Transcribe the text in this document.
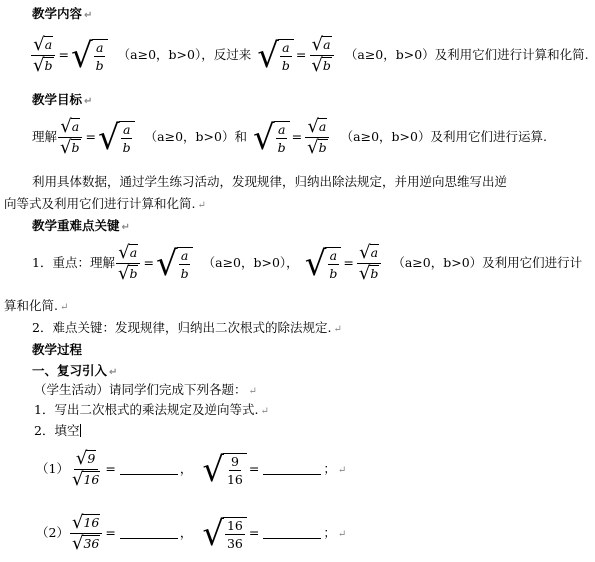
教学内容 ↵
$\frac{√ a}{√ b}$ = √ $\frac{a}{b} (a\ge 0$，b>0），反过来 √ $\frac{a}{b} = \frac{√ a}{√ b} (a\ge 0$，b>0）及利用它们进行计算和化简.
教学目标 ↵
理解 $\frac{√ a}{√ b}$ = √ $\frac{a}{b} (a\ge 0$，b>0）和 √ $\frac{a}{b} = \frac{√ a}{√ b} (a\ge 0$，b>0）及利用它们进行运算.
利用具体数据，通过学生练习活动，发现规律，归纳出除法规定，并用逆向思维写出逆
向等式及利用它们进行计算和化简. ↵
教学重难点关键 ↵
1．重点：理解 $\frac{√ a}{√ b}$ = √ $\frac{a}{b} (a\ge 0$，b>0）， √ $\frac{a}{b} = \frac{√ a}{√ b} (a\ge 0$，b>0）及利用它们进行计
算和化简. ↵
2．难点关键：发现规律，归纳出二次根式的除法规定. ↵
教学过程
一、复习引入 ↵
（学生活动）请同学们完成下列各题： ↵
1．写出二次根式的乘法规定及逆向等式. ↵
2．填空
$(1) \frac{√ 9}{√ 16}$ =	， √ $\frac{9}{16}$ =	； ↵
$(2) \frac{√ 16}{√ 36}$ =	， √ $\frac{16}{36}$ =	； ↵
